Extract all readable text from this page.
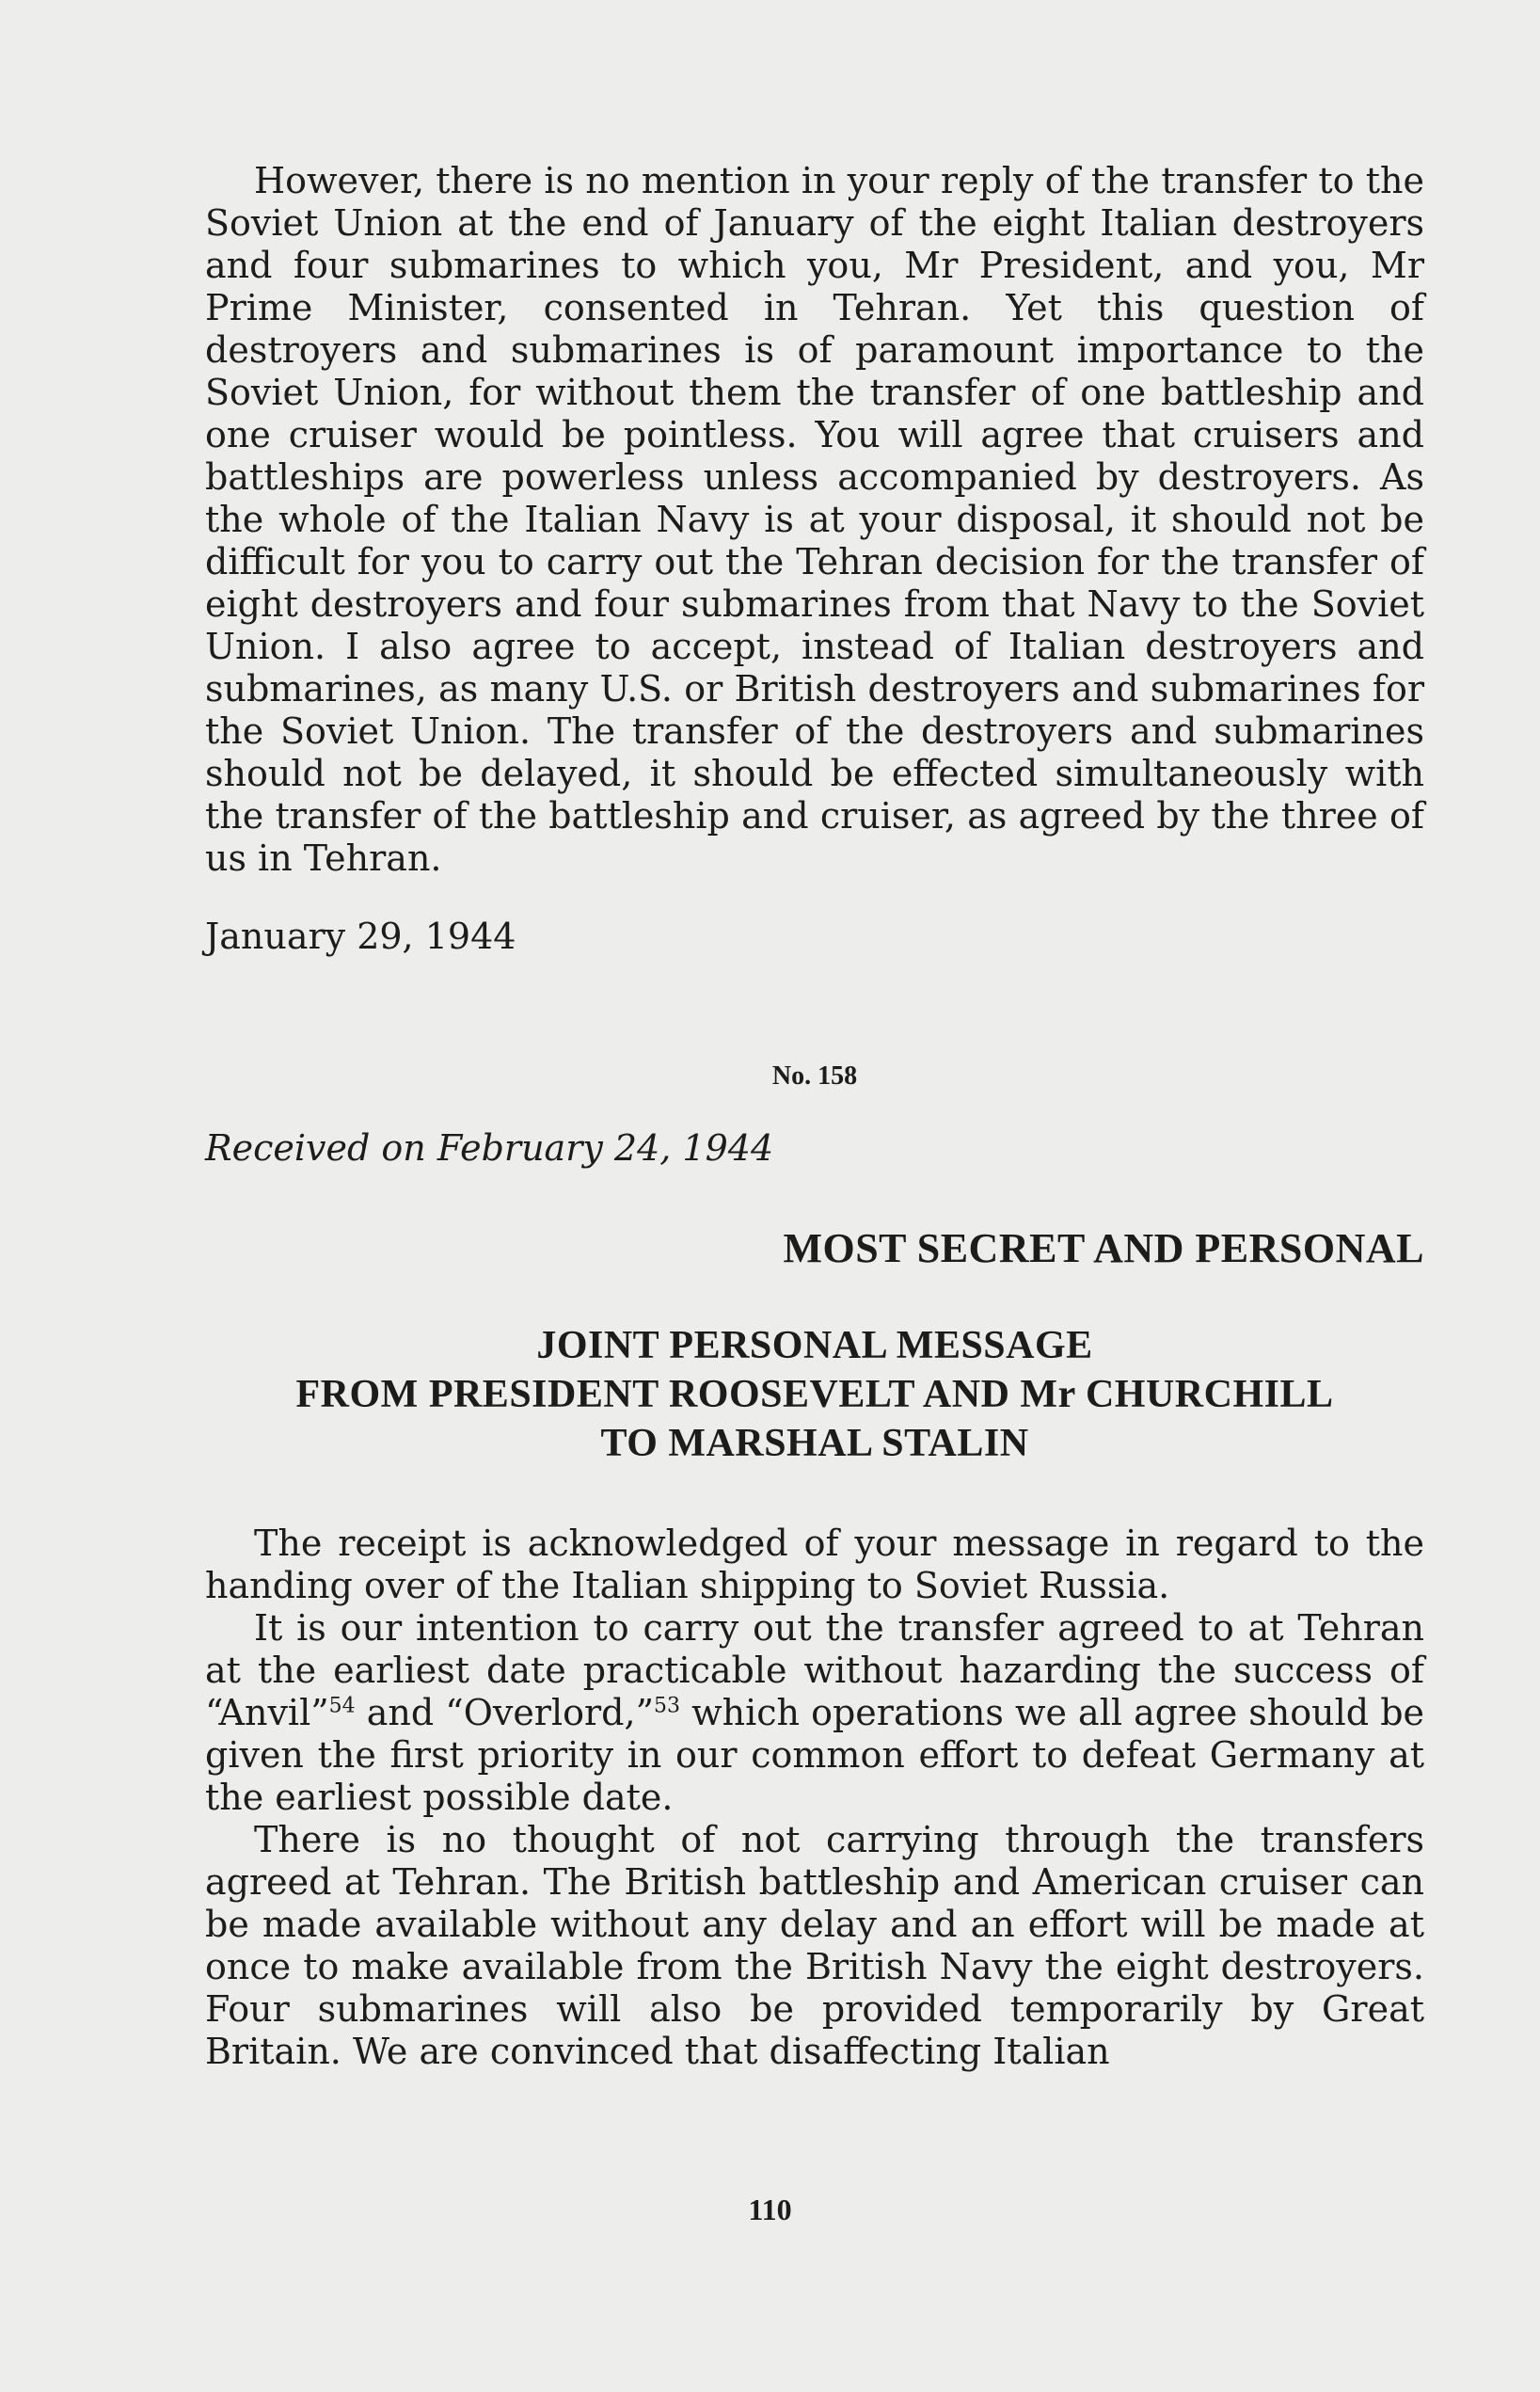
However, there is no mention in your reply of the transfer to the Soviet Union at the end of January of the eight Italian destroyers and four submarines to which you, Mr President, and you, Mr Prime Minister, consented in Tehran. Yet this question of destroyers and submarines is of paramount importance to the Soviet Union, for without them the transfer of one battleship and one cruiser would be pointless. You will agree that cruisers and battleships are powerless unless accompanied by destroyers. As the whole of the Italian Navy is at your disposal, it should not be difficult for you to carry out the Tehran decision for the transfer of eight destroyers and four submarines from that Navy to the Soviet Union. I also agree to accept, instead of Italian destroyers and submarines, as many U.S. or British destroyers and submarines for the Soviet Union. The transfer of the destroyers and submarines should not be delayed, it should be effected simultaneously with the transfer of the battleship and cruiser, as agreed by the three of us in Tehran.

January 29, 1944

No. 158

Received on February 24, 1944

MOST SECRET AND PERSONAL

JOINT PERSONAL MESSAGE

FROM PRESIDENT ROOSEVELT AND Mr CHURCHILL

TO MARSHAL STALIN

The receipt is acknowledged of your message in regard to the handing over of the Italian shipping to Soviet Russia.

It is our intention to carry out the transfer agreed to at Tehran at the earliest date practicable without hazarding the success of “Anvil”$^{54}$ and “Overlord,”$^{53}$ which operations we all agree should be given the first priority in our common effort to defeat Germany at the earliest possible date.

There is no thought of not carrying through the transfers agreed at Tehran. The British battleship and American cruiser can be made available without any delay and an effort will be made at once to make available from the British Navy the eight destroyers. Four submarines will also be provided temporarily by Great Britain. We are convinced that disaffecting Italian

110
